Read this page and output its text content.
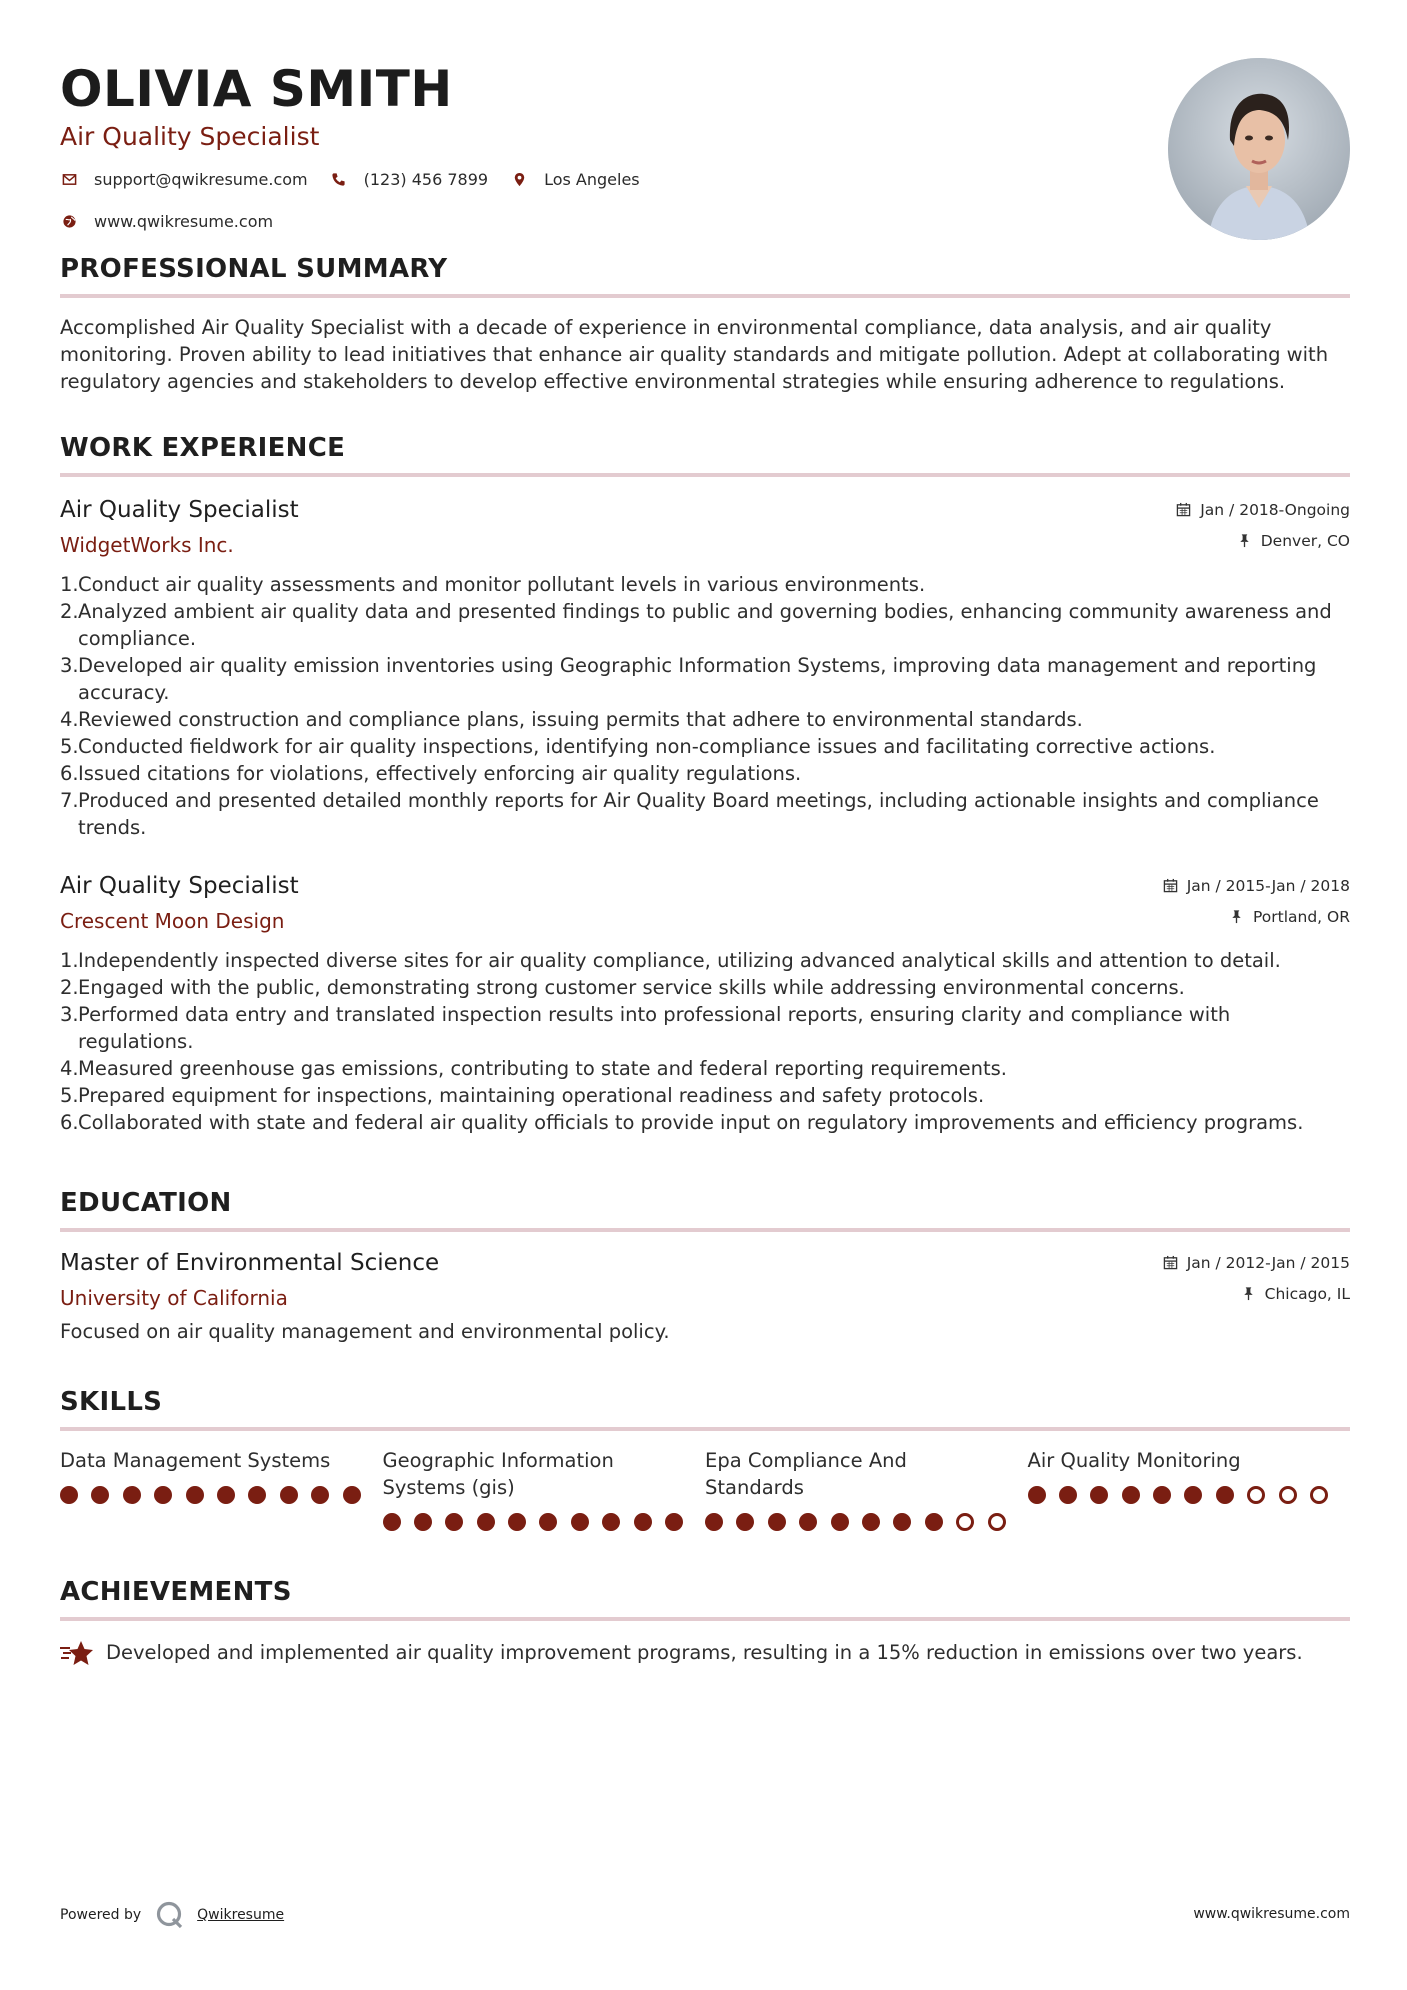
OLIVIA SMITH
Air Quality Specialist
support@qwikresume.com	(123) 456 7899	Los Angeles
www.qwikresume.com
PROFESSIONAL SUMMARY
Accomplished Air Quality Specialist with a decade of experience in environmental compliance, data analysis, and air quality monitoring. Proven ability to lead initiatives that enhance air quality standards and mitigate pollution. Adept at collaborating with regulatory agencies and stakeholders to develop effective environmental strategies while ensuring adherence to regulations.
WORK EXPERIENCE
Air Quality Specialist
WidgetWorks Inc.
Jan / 2018-Ongoing
Denver, CO
1. Conduct air quality assessments and monitor pollutant levels in various environments.
2. Analyzed ambient air quality data and presented findings to public and governing bodies, enhancing community awareness and compliance.
3. Developed air quality emission inventories using Geographic Information Systems, improving data management and reporting accuracy.
4. Reviewed construction and compliance plans, issuing permits that adhere to environmental standards.
5. Conducted fieldwork for air quality inspections, identifying non-compliance issues and facilitating corrective actions.
6. Issued citations for violations, effectively enforcing air quality regulations.
7. Produced and presented detailed monthly reports for Air Quality Board meetings, including actionable insights and compliance trends.
Air Quality Specialist
Crescent Moon Design
Jan / 2015-Jan / 2018
Portland, OR
1. Independently inspected diverse sites for air quality compliance, utilizing advanced analytical skills and attention to detail.
2. Engaged with the public, demonstrating strong customer service skills while addressing environmental concerns.
3. Performed data entry and translated inspection results into professional reports, ensuring clarity and compliance with regulations.
4. Measured greenhouse gas emissions, contributing to state and federal reporting requirements.
5. Prepared equipment for inspections, maintaining operational readiness and safety protocols.
6. Collaborated with state and federal air quality officials to provide input on regulatory improvements and efficiency programs.
EDUCATION
Master of Environmental Science
University of California
Jan / 2012-Jan / 2015
Chicago, IL
Focused on air quality management and environmental policy.
SKILLS
Data Management Systems	Geographic Information Systems (gis)
Epa Compliance And Standards
Air Quality Monitoring
ACHIEVEMENTS
Developed and implemented air quality improvement programs, resulting in a 15% reduction in emissions over two years.
Powered by	Qwikresume	www.qwikresume.com
